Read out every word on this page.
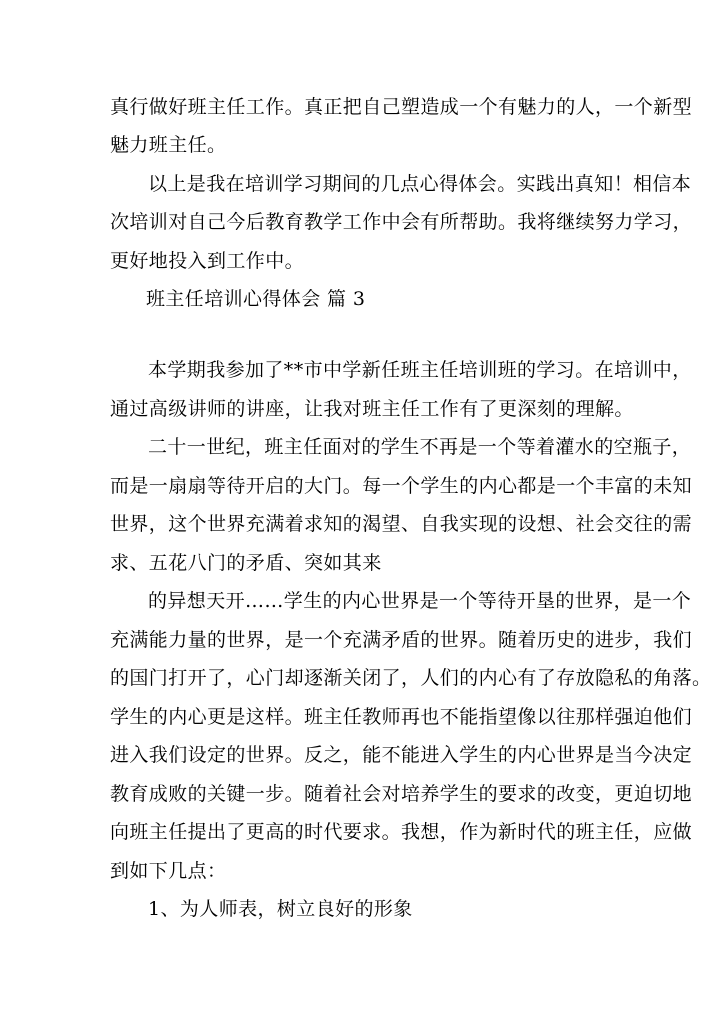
真行做好班主任工作。真正把自己塑造成一个有魅力的人，一个新型
魅力班主任。
以上是我在培训学习期间的几点心得体会。实践出真知！相信本
次培训对自己今后教育教学工作中会有所帮助。我将继续努力学习，
更好地投入到工作中。
班主任培训心得体会 篇 3
本学期我参加了**市中学新任班主任培训班的学习。在培训中，
通过高级讲师的讲座，让我对班主任工作有了更深刻的理解。
二十一世纪，班主任面对的学生不再是一个等着灌水的空瓶子，
而是一扇扇等待开启的大门。每一个学生的内心都是一个丰富的未知
世界，这个世界充满着求知的渴望、自我实现的设想、社会交往的需
求、五花八门的矛盾、突如其来
的异想天开……学生的内心世界是一个等待开垦的世界，是一个
充满能力量的世界，是一个充满矛盾的世界。随着历史的进步，我们
的国门打开了，心门却逐渐关闭了，人们的内心有了存放隐私的角落。
学生的内心更是这样。班主任教师再也不能指望像以往那样强迫他们
进入我们设定的世界。反之，能不能进入学生的内心世界是当今决定
教育成败的关键一步。随着社会对培养学生的要求的改变，更迫切地
向班主任提出了更高的时代要求。我想，作为新时代的班主任，应做
到如下几点：
1、为人师表，树立良好的形象
